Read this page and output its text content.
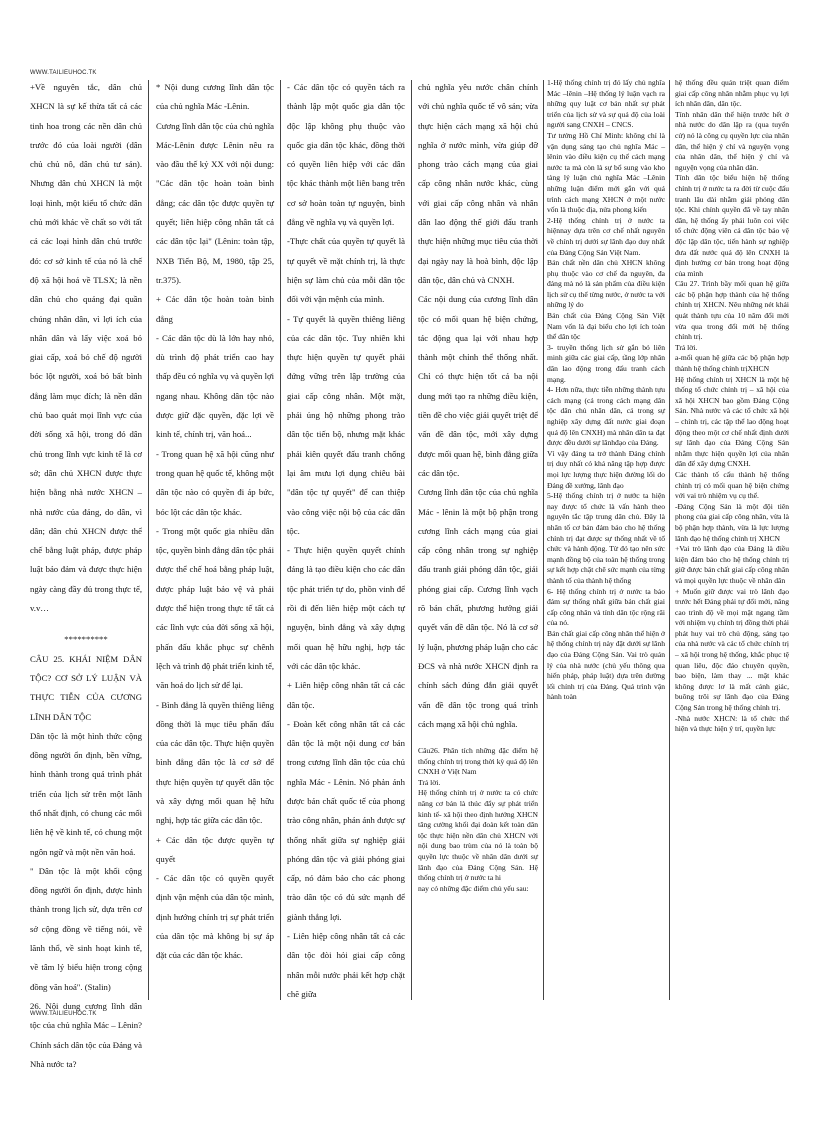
WWW.TAILIEUHOC.TK

+Về nguyên tắc, dân chủ XHCN là sự kế thừa tất cả các tinh hoa trong các nền dân chủ trước đó của loài người (dân chủ chủ nô, dân chủ tư sản). Nhưng dân chủ XHCN là một loại hình, một kiểu tổ chức dân chủ mới khác về chất so với tất cả các loại hình dân chủ trước đó: cơ sở kinh tế của nó là chế độ xã hội hoá về TLSX; là nền dân chủ cho quảng đại quần chúng nhân dân, vì lợi ích của nhân dân và lấy việc xoá bỏ giai cấp, xoá bỏ chế độ người bóc lột người, xoá bỏ bất bình đẳng làm mục đích; là nền dân chủ bao quát mọi lĩnh vực của đời sống xã hội, trong đó dân chủ trong lĩnh vực kinh tế là cơ sở; dân chủ XHCN được thực hiện bằng nhà nước XHCN – nhà nước của đảng, do dân, vì dân; dân chủ XHCN được thể chế bằng luật pháp, được pháp luật bảo đảm và được thực hiện ngày càng đầy đủ trong thực tế, v.v…

**********

CÂU 25. KHÁI NIỆM DÂN TỘC? CƠ SỞ LÝ LUẬN VÀ THỰC TIỄN CỦA CƯƠNG LĨNH DÂN TỘC

Dân tộc là một hình thức cộng đồng người ổn định, bền vững, hình thành trong quá trình phát triển của lịch sử trên một lãnh thổ nhất định, có chung các mối liên hệ về kinh tế, có chung một ngôn ngữ và một nền văn hoá.

" Dân tộc là một khối cộng đồng người ổn định, được hình thành trong lịch sử, dựa trên cơ sở cộng đồng về tiếng nói, về lãnh thổ, về sinh hoạt kinh tế, về tâm lý biểu hiện trong cộng đồng văn hoá". (Stalin)

26. Nội dung cương lĩnh dân tộc của chủ nghĩa Mác – Lênin? Chính sách dân tộc của Đảng và Nhà nước ta?

* Nội dung cương lĩnh dân tộc của chủ nghĩa Mác -Lênin.

Cương lĩnh dân tộc của chủ nghĩa Mác-Lênin được Lênin nêu ra vào đầu thế kỷ XX với nội dung: "Các dân tộc hoàn toàn bình đẳng; các dân tộc được quyền tự quyết; liên hiệp công nhân tất cả các dân tộc lại" (Lênin: toàn tập, NXB Tiến Bộ, M, 1980, tập 25, tr.375).

+ Các dân tộc hoàn toàn bình đẳng

- Các dân tộc dù là lớn hay nhỏ, dù trình độ phát triển cao hay thấp đều có nghĩa vụ và quyền lợi ngang nhau. Không dân tộc nào được giữ đặc quyền, đặc lợi về kinh tế, chính trị, văn hoá...

- Trong quan hệ xã hội cũng như trong quan hệ quốc tế, không một dân tộc nào có quyền đi áp bức, bóc lột các dân tộc khác.

- Trong một quốc gia nhiều dân tộc, quyền bình đẳng dân tộc phải được thể chế hoá bằng pháp luật, được pháp luật bảo vệ và phải được thể hiện trong thực tế tất cả các lĩnh vực của đời sống xã hội, phấn đấu khắc phục sự chênh lệch và trình độ phát triển kinh tế, văn hoá do lịch sử để lại.

- Bình đẳng là quyền thiêng liêng đồng thời là mục tiêu phấn đấu của các dân tộc. Thực hiện quyền bình đẳng dân tộc là cơ sở để thực hiện quyền tự quyết dân tộc và xây dựng mối quan hệ hữu nghị, hợp tác giữa các dân tộc.

+ Các dân tộc được quyền tự quyết

- Các dân tộc có quyền quyết định vận mệnh của dân tộc mình, định hướng chính trị sự phát triển của dân tộc mà không bị sự áp đặt của các dân tộc khác.

- Các dân tộc có quyền tách ra thành lập một quốc gia dân tộc độc lập không phụ thuộc vào quốc gia dân tộc khác, đồng thời có quyền liên hiệp với các dân tộc khác thành một liên bang trên cơ sở hoàn toàn tự nguyện, bình đẳng về nghĩa vụ và quyền lợi.

-Thực chất của quyền tự quyết là tự quyết về mặt chính trị, là thực hiện sự làm chủ của mỗi dân tộc đối với vận mệnh của mình.

- Tự quyết là quyền thiêng liêng của các dân tộc. Tuy nhiên khi thực hiện quyền tự quyết phải đứng vững trên lập trường của giai cấp công nhân. Một mặt, phải ủng hộ những phong trào dân tộc tiến bộ, nhưng mặt khác phải kiên quyết đấu tranh chống lại âm mưu lợi dụng chiêu bài "dân tộc tự quyết" để can thiệp vào công việc nội bộ của các dân tộc.

- Thực hiện quyền quyết chính đáng là tạo điều kiện cho các dân tộc phát triển tự do, phồn vinh để rồi đi đến liên hiệp một cách tự nguyện, bình đẳng và xây dựng mối quan hệ hữu nghị, hợp tác với các dân tộc khác.

+ Liên hiệp công nhân tất cả các dân tộc.

- Đoàn kết công nhân tất cả các dân tộc là một nội dung cơ bản trong cương lĩnh dân tộc của chủ nghĩa Mác - Lênin. Nó phản ánh được bản chất quốc tế của phong trào công nhân, phản ánh được sự thống nhất giữa sự nghiệp giải phóng dân tộc và giải phóng giai cấp, nó đảm bảo cho các phong trào dân tộc có đủ sức mạnh để giành thắng lợi.

- Liên hiệp công nhân tất cả các dân tộc đòi hỏi giai cấp công nhân mỗi nước phải kết hợp chặt chẽ giữa

chủ nghĩa yêu nước chân chính với chủ nghĩa quốc tế vô sản; vừa thực hiện cách mạng xã hội chủ nghĩa ở nước mình, vừa giúp đỡ phong trào cách mạng của giai cấp công nhân nước khác, cùng với giai cấp công nhân và nhân dân lao động thế giới đấu tranh thực hiện những mục tiêu của thời đại ngày nay là hoà bình, độc lập dân tộc, dân chủ và CNXH.

Các nội dung của cương lĩnh dân tộc có mối quan hệ biện chứng, tác động qua lại với nhau hợp thành một chỉnh thể thống nhất. Chỉ có thực hiện tốt cả ba nội dung mới tạo ra những điều kiện, tiền đề cho việc giải quyết triệt để vấn đề dân tộc, mới xây dựng được mối quan hệ, bình đẳng giữa các dân tộc.

Cương lĩnh dân tộc của chủ nghĩa Mác - lênin là một bộ phận trong cương lĩnh cách mạng của giai cấp công nhân trong sự nghiệp đấu tranh giải phóng dân tộc, giải phóng giai cấp. Cương lĩnh vạch rõ bản chất, phương hướng giải quyết vấn đề dân tộc. Nó là cơ sở lý luận, phương pháp luận cho các ĐCS và nhà nước XHCN định ra chính sách đúng đắn giải quyết vấn đề dân tộc trong quá trình cách mạng xã hội chủ nghĩa.

Câu26. Phân tích những đặc điểm hệ thống chính trị trong thời kỳ quá độ lên CNXH ở Việt Nam

Trả lời.

Hệ thống chính trị ở nước ta có chức năng cơ bản là thúc đẩy sự phát triển kinh tế- xã hội theo định hướng XHCN tăng cường khối đại đoàn kết toàn dân tộc thực hiện nền dân chủ XHCN với nội dung bao trùm của nó là toàn bộ quyền lực thuộc về nhân dân dưới sự lãnh đạo của Đảng Cộng Sản. Hệ thống chính trị ở nước ta hi

nay có những đặc điểm chủ yếu sau:

1-Hệ thống chính trị đó lấy chủ nghĩa Mác –lênin –Hệ thống lý luận vạch ra những quy luật cơ bản nhất sự phát triển của lịch sử và sự quá độ của loài người sang CNXH – CNCS.

Tư tưởng Hồ Chí Minh: không chỉ là vận dụng sáng tạo chủ nghĩa Mác – lênin vào điều kiện cụ thể cách mạng nước ta mà còn là sự bổ sung vào kho tàng lý luận chủ nghĩa Mác –Lênin những luận điểm mới gắn với quá trình cách mạng XHCN ở một nước vốn là thuộc địa, nửa phong kiến

2-Hệ thống chính trị ở nước ta hiệnnay dựa trên cơ chế nhất nguyên về chính trị dưới sự lãnh đạo duy nhất của Đảng Cộng Sản Việt Nam.

Bản chất nền dân chủ XHCN không phụ thuộc vào cơ chế đa nguyên, đa đảng mà nó là sản phẩm của điều kiện lịch sử cụ thể từng nước, ở nước ta với những lý do

Bản chất của Đảng Cộng Sản Việt Nam vốn là đại biểu cho lợi ích toàn thể dân tộc

3- truyền thống lịch sử gắn bó liên minh giữa các giai cấp, tầng lớp nhân dân lao động trong đấu tranh cách mạng.

4- Hơn nữa, thực tiễn những thành tựu cách mạng (cả trong cách mạng dân tộc dân chủ nhân dân, cả trong sự nghiệp xây dựng đất nước giai đoạn quá độ lên CNXH) mà nhân dân ta đạt được đều dưới sự lãnhđạo của Đảng.

Vì vậy đảng ta trở thành Đảng chính trị duy nhất có khả năng tập hợp được mọi lực lượng thực hiện đường lối do Đảng đề xướng, lãnh đạo

5-Hệ thống chính trị ở nước ta hiện nay được tổ chức là vấn hành theo nguyên tắc tập trung dân chủ. Đây là nhân tố cơ bản đảm bảo cho hệ thống chính trị đạt được sự thống nhất về tổ chức và hành động. Từ đó tạo nên sức mạnh đồng bộ của toàn hệ thống trong sự kết hợp chặt chẽ sức mạnh của từng thành tố của thành hệ thống

6- Hệ thống chính trị ở nước ta bảo đảm sự thống nhất giữa bản chất giai cấp công nhân và tính dân tộc rộng rãi của nó.

Bản chất giai cấp công nhân thể hiện ở hệ thống chính trị này đặt dưới sự lãnh đạo của Đảng Cộng Sản. Vai trò quản lý của nhà nước (chủ yếu thông qua hiến pháp, pháp luật) dựa trên đường lối chính trị của Đảng. Quá trình vận hành toàn

hệ thống đều quán triệt quan điểm giai cấp công nhân nhằm phục vụ lợi ích nhân dân, dân tộc.

Tính nhân dân thể hiện trước hết ở nhà nước do dân lập ra (qua tuyển cử) nó là công cụ quyền lực của nhân dân, thể hiện ý chí và nguyện vọng của nhân dân, thể hiện ý chí và nguyện vọng của nhân dân.

Tính dân tộc biểu hiện hệ thống chính trị ở nước ta ra đời từ cuộc đấu tranh lâu dài nhằm giải phóng dân tộc. Khi chính quyền đã về tay nhân dân, hệ thống ấy phải luôn coi việc tổ chức động viên cả dân tộc bảo vệ độc lập dân tộc, tiến hành sự nghiệp đưa đất nước quá độ lên CNXH là định hướng cơ bản trong hoạt động của mình

Câu 27. Trình bầy mối quan hệ giữa các bộ phận hợp thành của hệ thống chính trị XHCN. Nêu những nét khái quát thành tựu của 10 năm đổi mới vừa qua trong đổi mới hệ thống chính trị.

Trả lời.

a-mối quan hệ giữa các bộ phận hợp thành hệ thống chính trịXHCN

Hệ thống chính trị XHCN là một hệ thống tổ chức chính trị – xã hội của xã hội XHCN bao gồm Đảng Cộng Sản. Nhà nước và các tổ chức xã hội – chính trị, các tập thể lao động hoạt động theo một cơ chế nhất định dưới sự lãnh đạo của Đảng Cộng Sản nhằm thực hiện quyền lợi của nhân dân để xây dựng CNXH.

Các thành tố cấu thành hệ thống chính trị có mối quan hệ biện chứng với vai trò nhiệm vụ cụ thể.

-Đảng Cộng Sản là một đội tiên phong của giai cấp công nhân, vừa là bộ phận hợp thành, vừa là lực lượng lãnh đạo hệ thống chính trị XHCN

+Vai trò lãnh đạo của Đảng là điều kiện đảm bảo cho hệ thống chính trị giữ được bản chất giai cấp công nhân và mọi quyền lực thuộc về nhân dân

+ Muốn giữ được vai trò lãnh đạo trước hết Đảng phải tự đổi mới, nâng cao trình độ về mọi mặt ngang tầm với nhiệm vụ chính trị đồng thời phải phát huy vai trò chủ động, sáng tạo của nhà nước và các tổ chức chính trị – xã hội trong hệ thống, khắc phục tệ quan liêu, độc đáo chuyên quyền, bao biện, làm thay ... mặt khác không được lơ là mất cảnh giác, buông trôi sự lãnh đạo của Đảng Cộng Sản trong hệ thống chính trị.

-Nhà nước XHCN: là tổ chức thể hiện và thực hiện ý trí, quyền lực

WWW.TAILIEUHOC.TK
